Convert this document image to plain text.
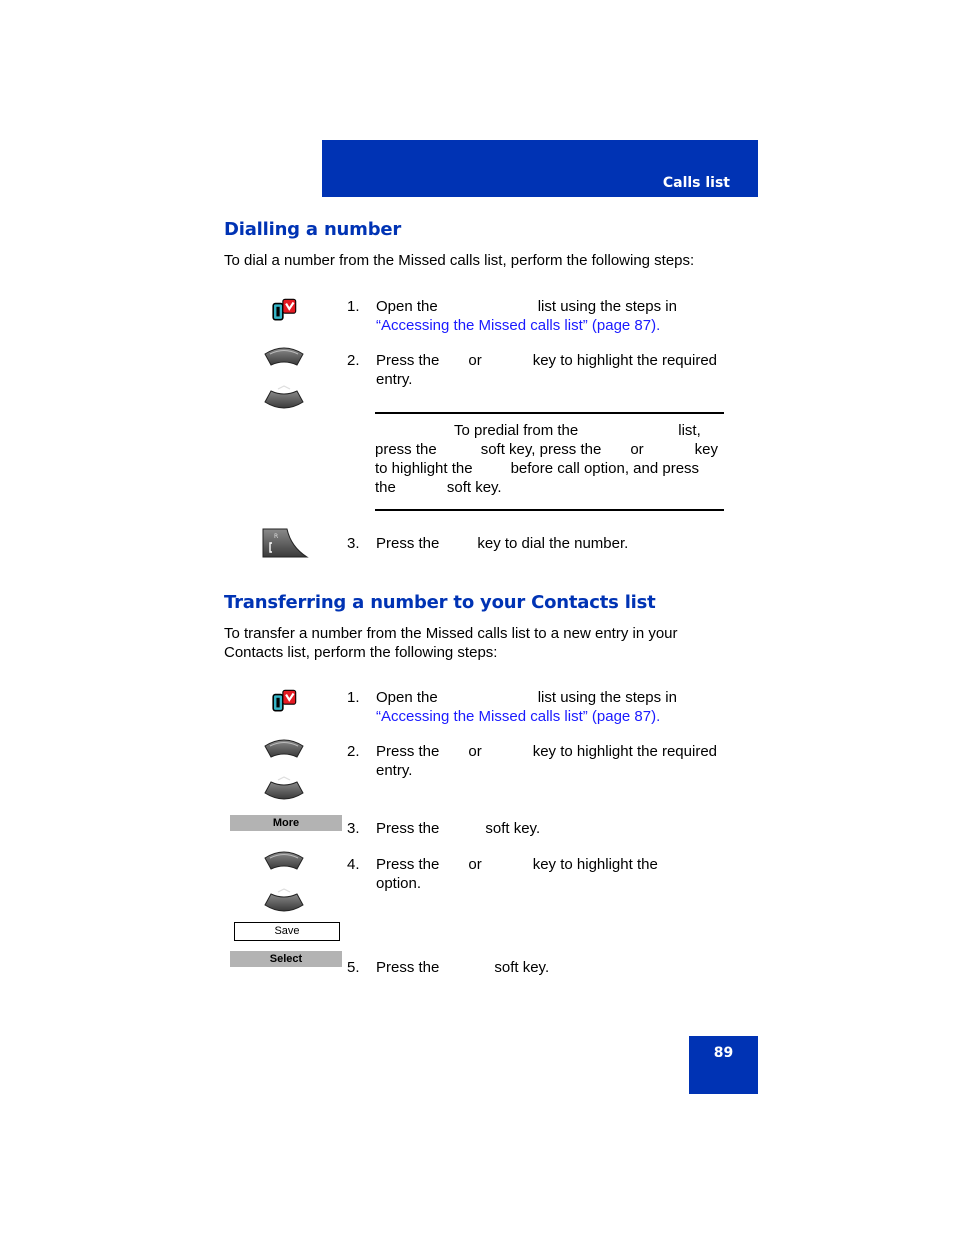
Calls list
Dialling a number

To dial a number from the Missed calls list, perform the following steps:

1. Open the	list using the steps in
“Accessing the Missed calls list” (page 87).
2. Press the or	key to highlight the required
entry.
To predial from the	list,
press the	soft key, press the or	key
to highlight the	before call option, and press
the	soft key.
R	3. Press the	key to dial the number.
Transferring a number to your Contacts list

To transfer a number from the Missed calls list to a new entry in your
Contacts list, perform the following steps:

1. Open the	list using the steps in
“Accessing the Missed calls list” (page 87).
2. Press the or	key to highlight the required
entry.
More	3. Press the	soft key.
4. Press the or	key to highlight the
option.
Save
Select	5. Press the	soft key.
89
